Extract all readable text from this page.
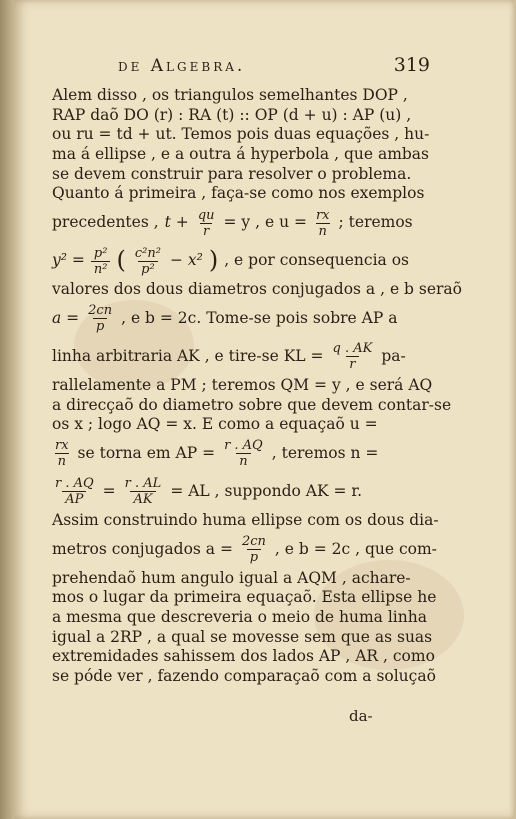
de Algebra.	319
Alem disso , os triangulos semelhantes DOP ,
RAP daõ DO (r) : RA (t) :: OP (d + u) : AP (u) ,
ou ru = td + ut. Temos pois duas equações , hu-
ma á ellipse , e a outra á hyperbola , que ambas
se devem construir para resolver o problema.
Quanto á primeira , faça-se como nos exemplos
precedentes , $t + \frac{qu}{r} = y$ , e $u = \frac{rx}{n}$ ; teremos
$y^2 = \frac{\text{p²}}{\text{n²}}$ ( $\frac{\text{c²n²}}{\text{p²}} - x^2$ ) , e por consequencia os
valores dos dous diametros conjugados a , e b seraõ
$a = \frac{2cn}{p}$ , e b = 2c. Tome-se pois sobre AP a
linha arbitraria AK , e tire-se KL = $\frac{q . AK}{r} pa-$
rallelamente a PM ; teremos QM = y , e será AQ
a direcçaõ do diametro sobre que devem contar-se
os x ; logo AQ = x. E como a equaçaõ u =
$\frac{rx}{n}$ se torna em AP = $\frac{r . AQ}{n}$ , teremos n =
$\frac{r . AQ}{AP} = \frac{r . AL}{AK}$ = AL , suppondo AK = r.
Assim construindo huma ellipse com os dous dia-
metros conjugados $a = \frac{2cn}{p}$ , e b = 2c , que com-
prehendaõ hum angulo igual a AQM , achare-
mos o lugar da primeira equaçaõ. Esta ellipse he
a mesma que descreveria o meio de huma linha
igual a 2RP , a qual se movesse sem que as suas
extremidades sahissem dos lados AP , AR , como
se póde ver , fazendo comparaçaõ com a soluçaõ
da-
